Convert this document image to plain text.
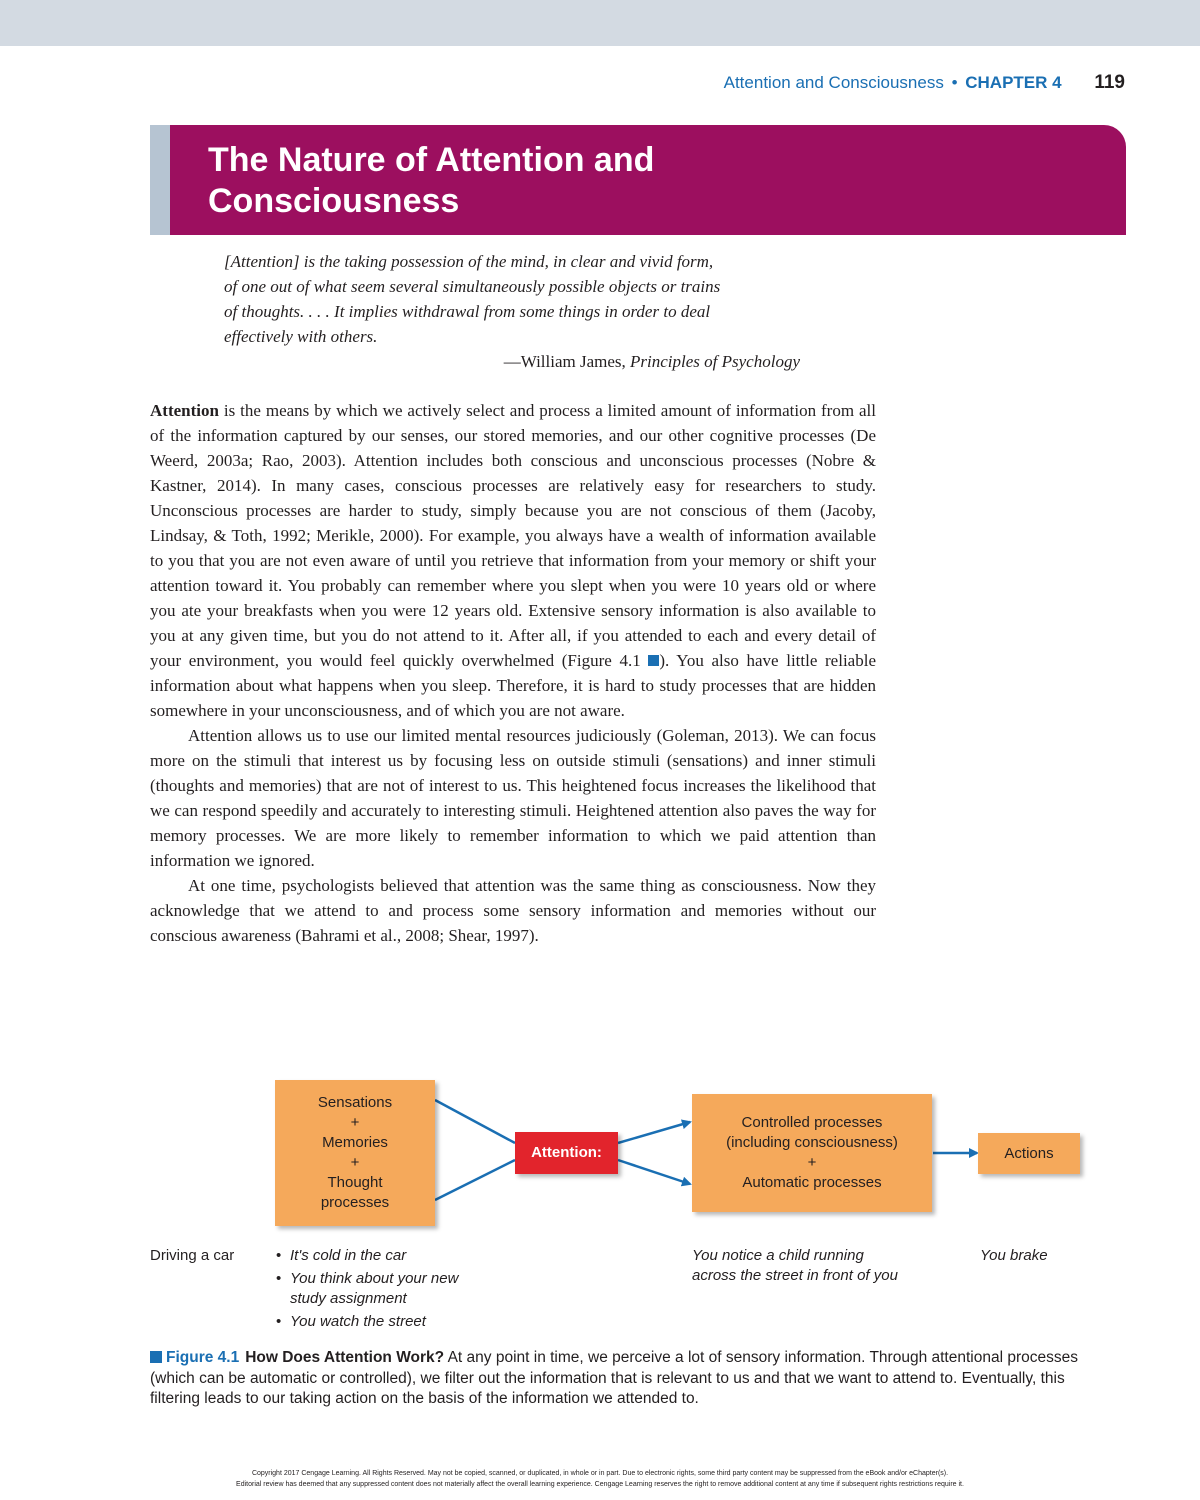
Attention and Consciousness • CHAPTER 4 119
The Nature of Attention and
Consciousness

[Attention] is the taking possession of the mind, in clear and vivid form,

of one out of what seem several simultaneously possible objects or trains

of thoughts. . . . It implies withdrawal from some things in order to deal

effectively with others.

—William James, Principles of Psychology

Attention is the means by which we actively select and process a limited amount of information from all of the information captured by our senses, our stored memories, and our other cognitive processes (De Weerd, 2003a; Rao, 2003). Attention includes both conscious and unconscious processes (Nobre & Kastner, 2014). In many cases, conscious processes are relatively easy for researchers to study. Unconscious processes are harder to study, simply because you are not conscious of them (Jacoby, Lindsay, & Toth, 1992; Merikle, 2000). For example, you always have a wealth of information available to you that you are not even aware of until you retrieve that information from your memory or shift your attention toward it. You probably can remember where you slept when you were 10 years old or where you ate your breakfasts when you were 12 years old. Extensive sensory information is also available to you at any given time, but you do not attend to it. After all, if you attended to each and every detail of your environment, you would feel quickly overwhelmed (Figure 4.1 ). You also have little reliable information about what happens when you sleep. Therefore, it is hard to study processes that are hidden somewhere in your unconsciousness, and of which you are not aware.

Attention allows us to use our limited mental resources judiciously (Goleman, 2013). We can focus more on the stimuli that interest us by focusing less on outside stimuli (sensations) and inner stimuli (thoughts and memories) that are not of interest to us. This heightened focus increases the likelihood that we can respond speedily and accurately to interesting stimuli. Heightened attention also paves the way for memory processes. We are more likely to remember information to which we paid attention than information we ignored.

At one time, psychologists believed that attention was the same thing as consciousness. Now they acknowledge that we attend to and process some sensory information and memories without our conscious awareness (Bahrami et al., 2008; Shear, 1997).

Sensations
+
Memories
+
Thought
processes
Attention:
Controlled processes
(including consciousness)
+
Automatic processes
Actions
Driving a car
•	It's cold in the car
• You think about your new study assignment
• You watch the street
You notice a child running across the street in front of you
You brake
Figure 4.1 How Does Attention Work? At any point in time, we perceive a lot of sensory information. Through attentional processes (which can be automatic or controlled), we filter out the information that is relevant to us and that we want to attend to. Eventually, this filtering leads to our taking action on the basis of the information we attended to.
Copyright 2017 Cengage Learning. All Rights Reserved. May not be copied, scanned, or duplicated, in whole or in part. Due to electronic rights, some third party content may be suppressed from the eBook and/or eChapter(s).
Editorial review has deemed that any suppressed content does not materially affect the overall learning experience. Cengage Learning reserves the right to remove additional content at any time if subsequent rights restrictions require it.
